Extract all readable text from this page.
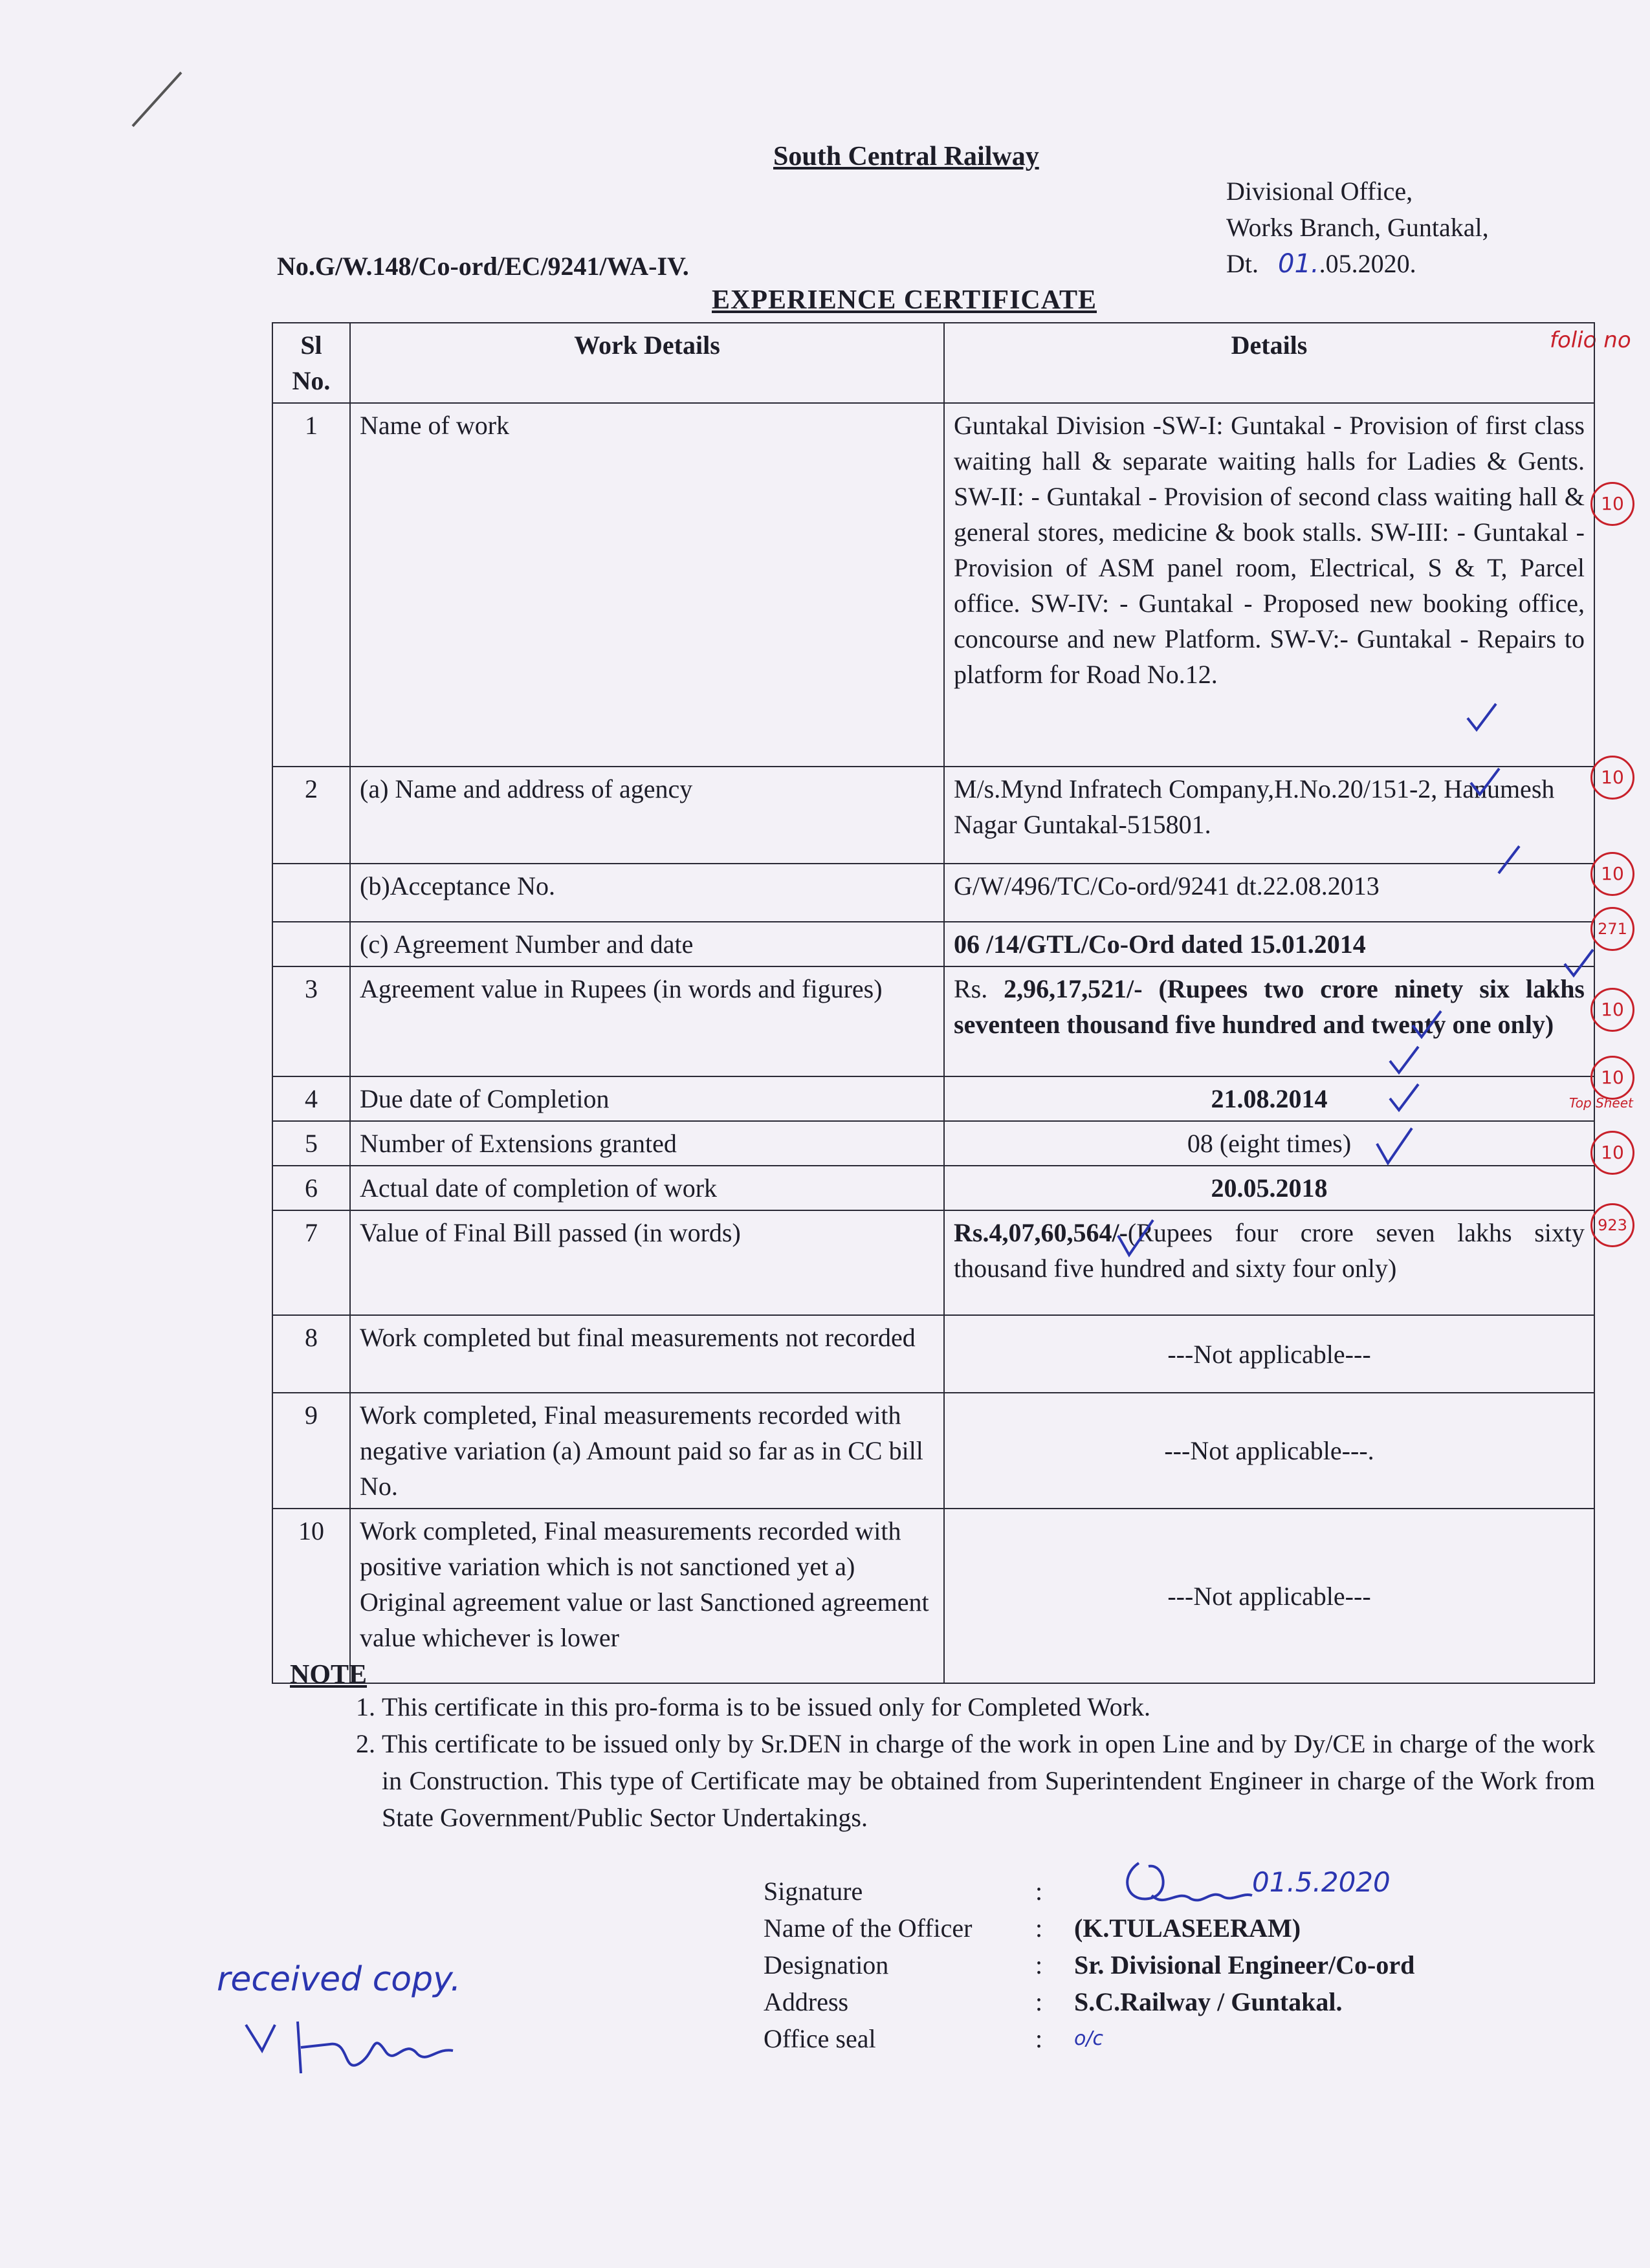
South Central Railway
Divisional Office,
Works Branch, Guntakal,
Dt. 01..05.2020.
No.G/W.148/Co-ord/EC/9241/WA-IV.
EXPERIENCE CERTIFICATE
folio no
Sl No.	Work Details	Details
1	Name of work	Guntakal Division -SW-I: Guntakal - Provision of first class waiting hall & separate waiting halls for Ladies & Gents. SW-II: - Guntakal - Provision of second class waiting hall & general stores, medicine & book stalls. SW-III: - Guntakal - Provision of ASM panel room, Electrical, S & T, Parcel office. SW-IV: - Guntakal - Proposed new booking office, concourse and new Platform. SW-V:- Guntakal - Repairs to platform for Road No.12.
2	(a) Name and address of agency	M/s.Mynd Infratech Company,H.No.20/151-2, Hanumesh Nagar Guntakal-515801.
	(b)Acceptance No.	G/W/496/TC/Co-ord/9241 dt.22.08.2013
	(c) Agreement Number and date	06 /14/GTL/Co-Ord dated 15.01.2014
3	Agreement value in Rupees (in words and figures)	Rs. 2,96,17,521/- (Rupees two crore ninety six lakhs seventeen thousand five hundred and twenty one only)
4	Due date of Completion	21.08.2014
5	Number of Extensions granted	08 (eight times)
6	Actual date of completion of work	20.05.2018
7	Value of Final Bill passed (in words)	Rs.4,07,60,564/-(Rupees four crore seven lakhs sixty thousand five hundred and sixty four only)
8	Work completed but final measurements not recorded	---Not applicable---
9	Work completed, Final measurements recorded with negative variation (a) Amount paid so far as in CC bill No.	---Not applicable---.
10	Work completed, Final measurements recorded with positive variation which is not sanctioned yet a) Original agreement value or last Sanctioned agreement value whichever is lower	---Not applicable---
10
10
10
271
10
10
Top Sheet
10
923
NOTE
1. This certificate in this pro-forma is to be issued only for Completed Work.
2. This certificate to be issued only by Sr.DEN in charge of the work in open Line and by Dy/CE in charge of the work in Construction. This type of Certificate may be obtained from Superintendent Engineer in charge of the Work from State Government/Public Sector Undertakings.
01.5.2020
Signature	:
Name of the Officer	:	(K.TULASEERAM)
Designation	:	Sr. Divisional Engineer/Co-ord
Address	:	S.C.Railway / Guntakal.
Office seal	:	o/c
received copy.
